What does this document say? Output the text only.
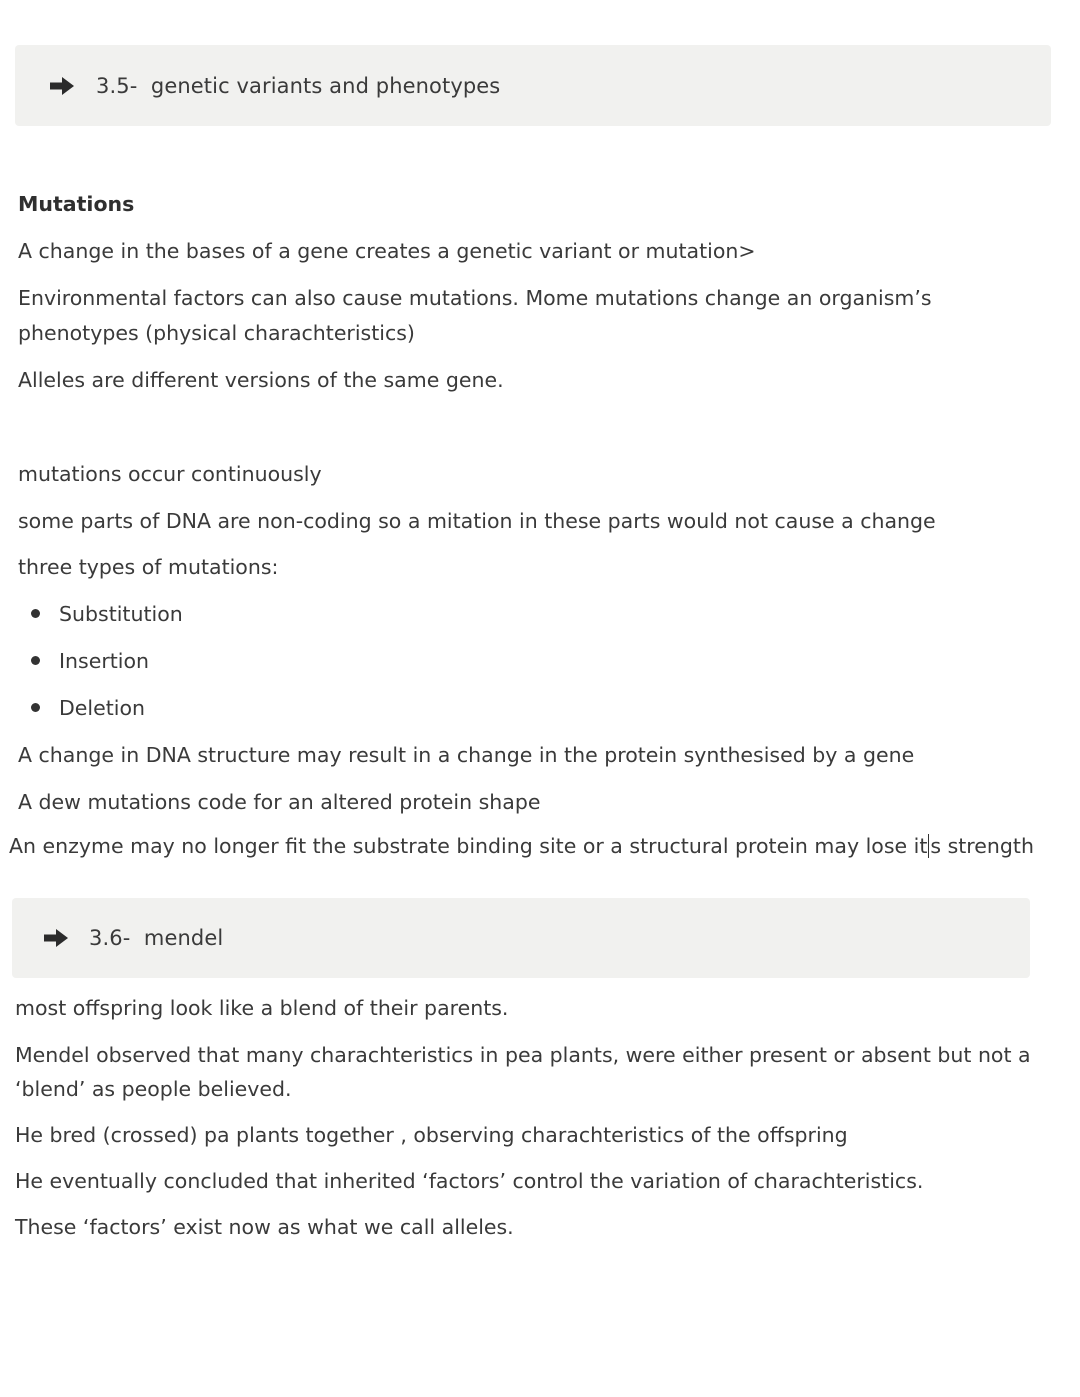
3.5-  genetic variants and phenotypes
Mutations
A change in the bases of a gene creates a genetic variant or mutation>
Environmental factors can also cause mutations. Mome mutations change an organism’s
phenotypes (physical charachteristics)
Alleles are different versions of the same gene.
mutations occur continuously
some parts of DNA are non-coding so a mitation in these parts would not cause a change
three types of mutations:
Substitution
Insertion
Deletion
A change in DNA structure may result in a change in the protein synthesised by a gene
A dew mutations code for an altered protein shape
An enzyme may no longer fit the substrate binding site or a structural protein may lose it s strength
3.6-  mendel
most offspring look like a blend of their parents.
Mendel observed that many charachteristics in pea plants, were either present or absent but not a
‘blend’ as people believed.
He bred (crossed) pa plants together , observing charachteristics of the offspring
He eventually concluded that inherited ‘factors’ control the variation of charachteristics.
These ‘factors’ exist now as what we call alleles.
